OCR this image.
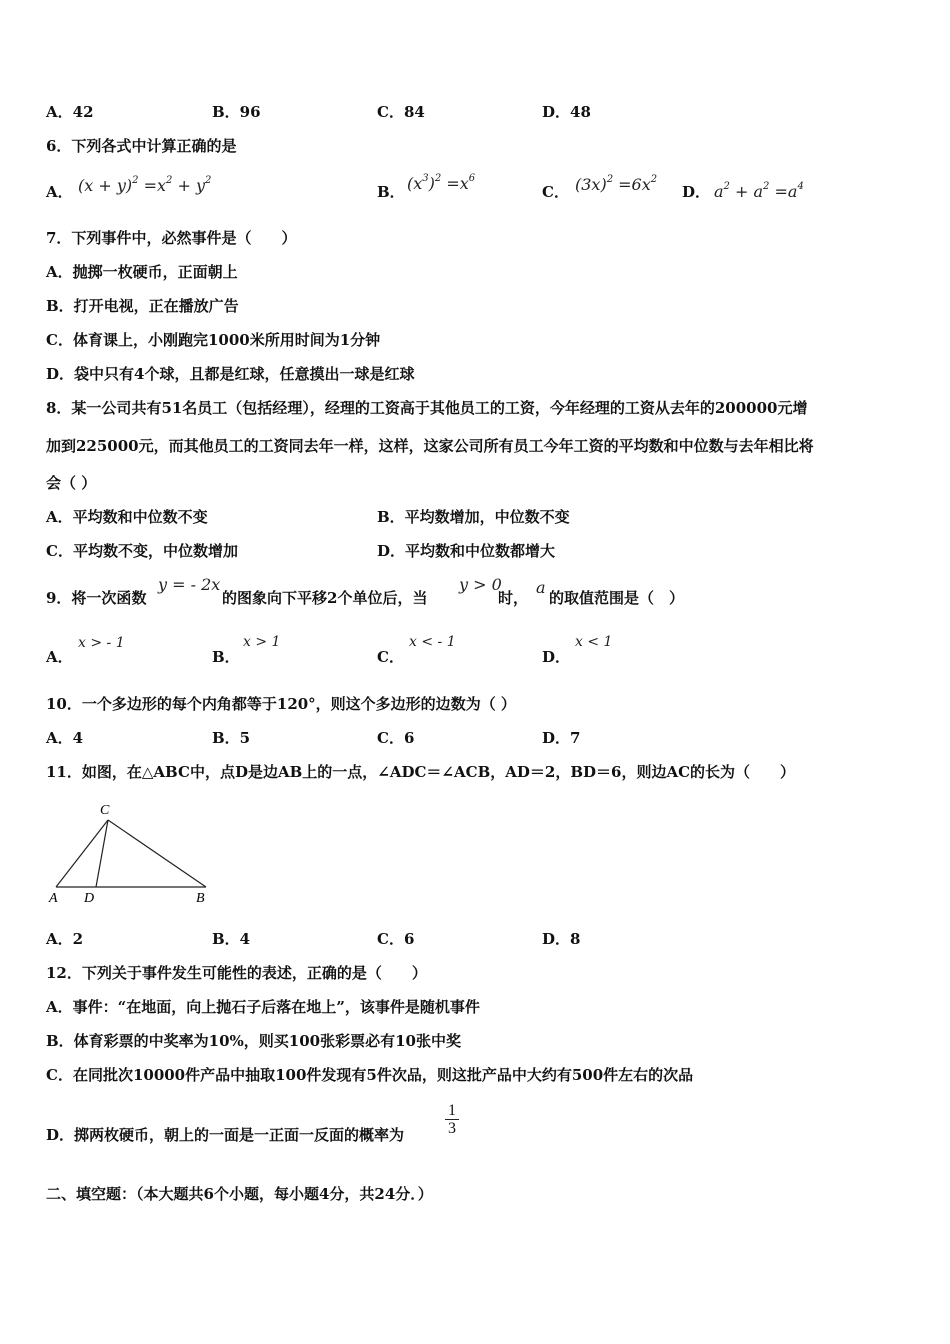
A．42	B．96	C．84	D．48
6．下列各式中计算正确的是
A． $(x + y)^2 =x^2 + y^2$
B． $(x^3)^2 =x^6$
C． $(3x)^2 =6x^2$
D． $a^2 + a^2 =a^4$
7．下列事件中，必然事件是（　　）
A．抛掷一枚硬币，正面朝上
B．打开电视，正在播放广告
C．体育课上，小刚跑完1000米所用时间为1分钟
D．袋中只有4个球，且都是红球，任意摸出一球是红球
8．某一公司共有51名员工（包括经理），经理的工资高于其他员工的工资，今年经理的工资从去年的200000元增
加到225000元，而其他员工的工资同去年一样，这样，这家公司所有员工今年工资的平均数和中位数与去年相比将
会（ ）
A．平均数和中位数不变	B．平均数增加，中位数不变
C．平均数不变，中位数增加	D．平均数和中位数都增大
9．将一次函数
y = - 2x
的图象向下平移2个单位后，当
y > 0
时，
a
的取值范围是（　）
A．
x > - 1
B．
x > 1
C．
x < - 1
D．
x < 1
10．一个多边形的每个内角都等于120°，则这个多边形的边数为（ ）
A．4	B．5	C．6	D．7
11．如图，在△ABC中，点D是边AB上的一点，∠ADC＝∠ACB，AD＝2，BD＝6，则边AC的长为（　　）
C
A D	B
A．2	B．4	C．6	D．8
12．下列关于事件发生可能性的表述，正确的是（　　）
A．事件：“在地面，向上抛石子后落在地上”，该事件是随机事件
B．体育彩票的中奖率为10%，则买100张彩票必有10张中奖
C．在同批次10000件产品中抽取100件发现有5件次品，则这批产品中大约有500件左右的次品
D．掷两枚硬币，朝上的一面是一正面一反面的概率为	$\frac{1}{3}$
二、填空题：（本大题共6个小题，每小题4分，共24分．）
